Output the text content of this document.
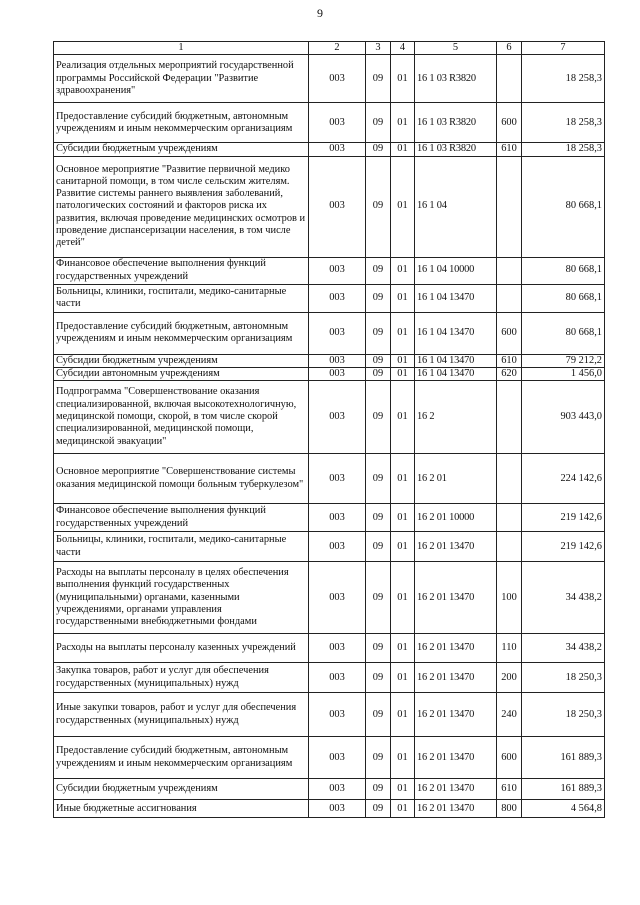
9
1	2	3	4	5	6	7
Реализация отдельных мероприятий государственной программы Российской Федерации "Развитие здравоохранения"	003	09	01	16 1 03 R3820		18 258,3
Предоставление субсидий бюджетным, автономным учреждениям и иным некоммерческим организациям	003	09	01	16 1 03 R3820	600	18 258,3
Субсидии бюджетным учреждениям	003	09	01	16 1 03 R3820	610	18 258,3
Основное мероприятие "Развитие первичной медико санитарной помощи, в том числе сельским жителям. Развитие системы раннего выявления заболеваний, патологических состояний и факторов риска их развития, включая проведение медицинских осмотров и проведение диспансеризации населения, в том числе детей"	003	09	01	16 1 04		80 668,1
Финансовое обеспечение выполнения функций государственных учреждений	003	09	01	16 1 04 10000		80 668,1
Больницы, клиники, госпитали, медико-санитарные части	003	09	01	16 1 04 13470		80 668,1
Предоставление субсидий бюджетным, автономным учреждениям и иным некоммерческим организациям	003	09	01	16 1 04 13470	600	80 668,1
Субсидии бюджетным учреждениям	003	09	01	16 1 04 13470	610	79 212,2
Субсидии автономным учреждениям	003	09	01	16 1 04 13470	620	1 456,0
Подпрограмма "Совершенствование оказания специализированной, включая высокотехнологичную, медицинской помощи, скорой, в том числе скорой специализированной, медицинской помощи, медицинской эвакуации"	003	09	01	16 2		903 443,0
Основное мероприятие "Совершенствование системы оказания медицинской помощи больным туберкулезом"	003	09	01	16 2 01		224 142,6
Финансовое обеспечение выполнения функций государственных учреждений	003	09	01	16 2 01 10000		219 142,6
Больницы, клиники, госпитали, медико-санитарные части	003	09	01	16 2 01 13470		219 142,6
Расходы на выплаты персоналу в целях обеспечения выполнения функций государственных (муниципальными) органами, казенными учреждениями, органами управления государственными внебюджетными фондами	003	09	01	16 2 01 13470	100	34 438,2
Расходы на выплаты персоналу казенных учреждений	003	09	01	16 2 01 13470	110	34 438,2
Закупка товаров, работ и услуг для обеспечения государственных (муниципальных) нужд	003	09	01	16 2 01 13470	200	18 250,3
Иные закупки товаров, работ и услуг для обеспечения государственных (муниципальных) нужд	003	09	01	16 2 01 13470	240	18 250,3
Предоставление субсидий бюджетным, автономным учреждениям и иным некоммерческим организациям	003	09	01	16 2 01 13470	600	161 889,3
Субсидии бюджетным учреждениям	003	09	01	16 2 01 13470	610	161 889,3
Иные бюджетные ассигнования	003	09	01	16 2 01 13470	800	4 564,8
